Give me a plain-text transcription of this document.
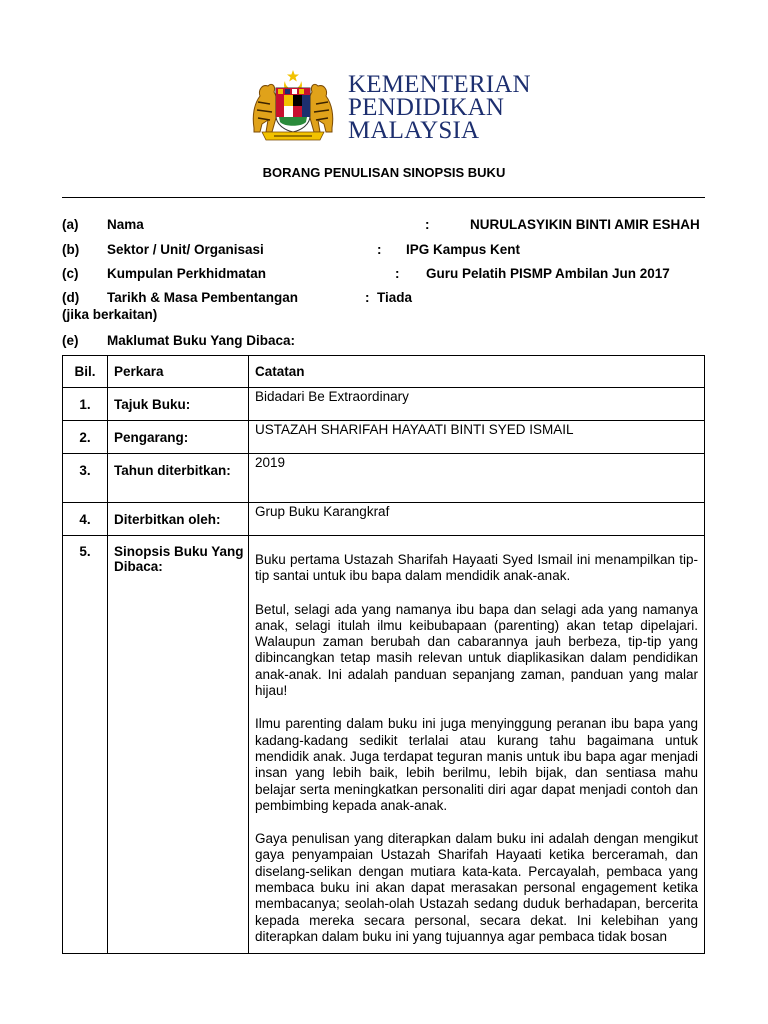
KEMENTERIAN
PENDIDIKAN
MALAYSIA
BORANG PENULISAN SINOPSIS BUKU
(a) Nama	:	NURULASYIKIN BINTI AMIR ESHAH
(b) Sektor / Unit/ Organisasi	: IPG Kampus Kent
(c) Kumpulan Perkhidmatan	: Guru Pelatih PISMP Ambilan Jun 2017
(d) Tarikh & Masa Pembentangan	: Tiada
(jika berkaitan)
(e) Maklumat Buku Yang Dibaca:
Bil.	Perkara	Catatan
1.	Tajuk Buku:	Bidadari Be Extraordinary
2.	Pengarang:	USTAZAH SHARIFAH HAYAATI BINTI SYED ISMAIL
3.	Tahun diterbitkan:	2019
4.	Diterbitkan oleh:	Grup Buku Karangkraf
5.	Sinopsis Buku Yang Dibaca:	Buku pertama Ustazah Sharifah Hayaati Syed Ismail ini menampilkan tip-tip santai untuk ibu bapa dalam mendidik anak-anak.

Betul, selagi ada yang namanya ibu bapa dan selagi ada yang namanya anak, selagi itulah ilmu keibubapaan (parenting) akan tetap dipelajari. Walaupun zaman berubah dan cabarannya jauh berbeza, tip-tip yang dibincangkan tetap masih relevan untuk diaplikasikan dalam pendidikan anak-anak. Ini adalah panduan sepanjang zaman, panduan yang malar hijau!

Ilmu parenting dalam buku ini juga menyinggung peranan ibu bapa yang kadang-kadang sedikit terlalai atau kurang tahu bagaimana untuk mendidik anak. Juga terdapat teguran manis untuk ibu bapa agar menjadi insan yang lebih baik, lebih berilmu, lebih bijak, dan sentiasa mahu belajar serta meningkatkan personaliti diri agar dapat menjadi contoh dan pembimbing kepada anak-anak.

Gaya penulisan yang diterapkan dalam buku ini adalah dengan mengikut gaya penyampaian Ustazah Sharifah Hayaati ketika berceramah, dan diselang-selikan dengan mutiara kata-kata. Percayalah, pembaca yang membaca buku ini akan dapat merasakan personal engagement ketika membacanya; seolah-olah Ustazah sedang duduk berhadapan, bercerita kepada mereka secara personal, secara dekat. Ini kelebihan yang diterapkan dalam buku ini yang tujuannya agar pembaca tidak bosan
